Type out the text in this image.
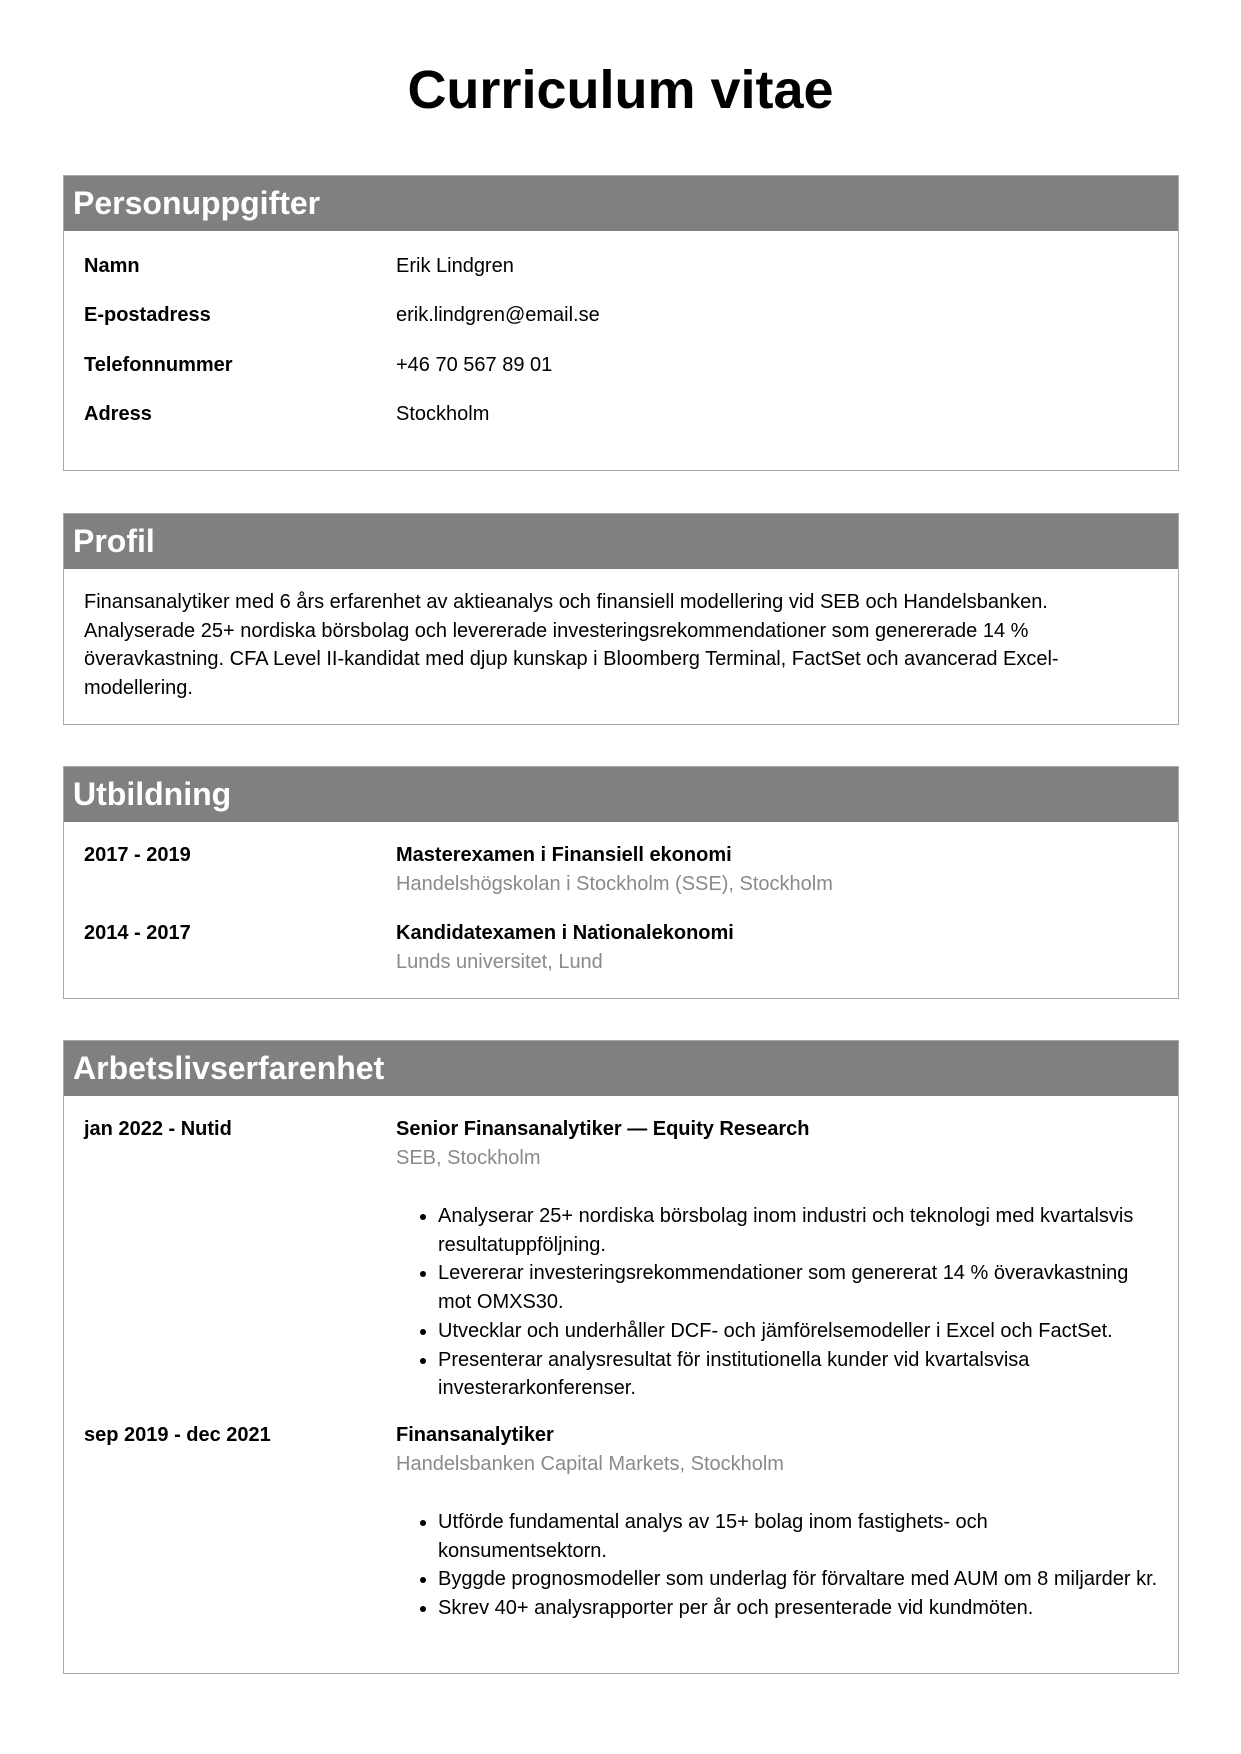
Curriculum vitae
Personuppgifter
Namn	Erik Lindgren
E-postadress	erik.lindgren@email.se
Telefonnummer	+46 70 567 89 01
Adress	Stockholm
Profil
Finansanalytiker med 6 års erfarenhet av aktieanalys och finansiell modellering vid SEB och Handelsbanken. Analyserade 25+ nordiska börsbolag och levererade investeringsrekommendationer som genererade 14 % överavkastning. CFA Level II-kandidat med djup kunskap i Bloomberg Terminal, FactSet och avancerad Excel-modellering.
Utbildning
2017 - 2019	Masterexamen i Finansiell ekonomi
Handelshögskolan i Stockholm (SSE), Stockholm
2014 - 2017	Kandidatexamen i Nationalekonomi
Lunds universitet, Lund
Arbetslivserfarenhet
jan 2022 - Nutid	Senior Finansanalytiker — Equity Research
SEB, Stockholm
• Analyserar 25+ nordiska börsbolag inom industri och teknologi med kvartalsvis resultatuppföljning.
• Levererar investeringsrekommendationer som genererat 14 % överavkastning mot OMXS30.
• Utvecklar och underhåller DCF- och jämförelsemodeller i Excel och FactSet.
• Presenterar analysresultat för institutionella kunder vid kvartalsvisa investerarkonferenser.
sep 2019 - dec 2021	Finansanalytiker
Handelsbanken Capital Markets, Stockholm
• Utförde fundamental analys av 15+ bolag inom fastighets- och konsumentsektorn.
• Byggde prognosmodeller som underlag för förvaltare med AUM om 8 miljarder kr.
• Skrev 40+ analysrapporter per år och presenterade vid kundmöten.
